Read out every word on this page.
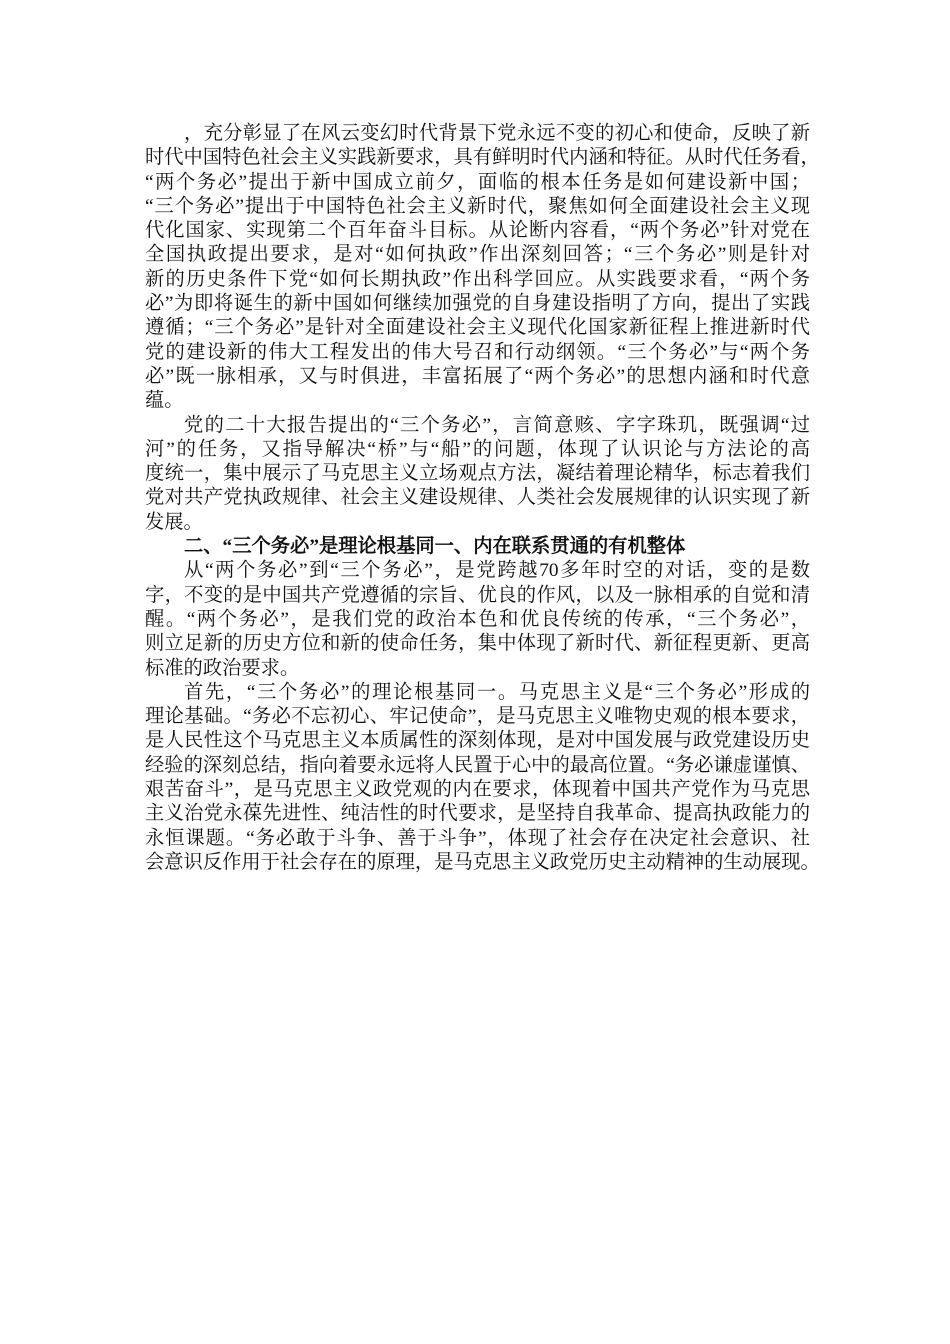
，充分彰显了在风云变幻时代背景下党永远不变的初心和使命，反映了新
时代中国特色社会主义实践新要求，具有鲜明时代内涵和特征。从时代任务看，
“两个务必”提出于新中国成立前夕，面临的根本任务是如何建设新中国；
“三个务必”提出于中国特色社会主义新时代，聚焦如何全面建设社会主义现
代化国家、实现第二个百年奋斗目标。从论断内容看，“两个务必”针对党在
全国执政提出要求，是对“如何执政”作出深刻回答；“三个务必”则是针对
新的历史条件下党“如何长期执政”作出科学回应。从实践要求看，“两个务
必”为即将诞生的新中国如何继续加强党的自身建设指明了方向，提出了实践
遵循；“三个务必”是针对全面建设社会主义现代化国家新征程上推进新时代
党的建设新的伟大工程发出的伟大号召和行动纲领。“三个务必”与“两个务
必”既一脉相承，又与时俱进，丰富拓展了“两个务必”的思想内涵和时代意
蕴。
党的二十大报告提出的“三个务必”，言简意赅、字字珠玑，既强调“过
河”的任务，又指导解决“桥”与“船”的问题，体现了认识论与方法论的高
度统一，集中展示了马克思主义立场观点方法，凝结着理论精华，标志着我们
党对共产党执政规律、社会主义建设规律、人类社会发展规律的认识实现了新
发展。
二、“三个务必”是理论根基同一、内在联系贯通的有机整体
从“两个务必”到“三个务必”，是党跨越70多年时空的对话，变的是数
字，不变的是中国共产党遵循的宗旨、优良的作风，以及一脉相承的自觉和清
醒。“两个务必”，是我们党的政治本色和优良传统的传承，“三个务必”，
则立足新的历史方位和新的使命任务，集中体现了新时代、新征程更新、更高
标准的政治要求。
首先，“三个务必”的理论根基同一。马克思主义是“三个务必”形成的
理论基础。“务必不忘初心、牢记使命”，是马克思主义唯物史观的根本要求，
是人民性这个马克思主义本质属性的深刻体现，是对中国发展与政党建设历史
经验的深刻总结，指向着要永远将人民置于心中的最高位置。“务必谦虚谨慎、
艰苦奋斗”，是马克思主义政党观的内在要求，体现着中国共产党作为马克思
主义治党永葆先进性、纯洁性的时代要求，是坚持自我革命、提高执政能力的
永恒课题。“务必敢于斗争、善于斗争”，体现了社会存在决定社会意识、社
会意识反作用于社会存在的原理，是马克思主义政党历史主动精神的生动展现。
